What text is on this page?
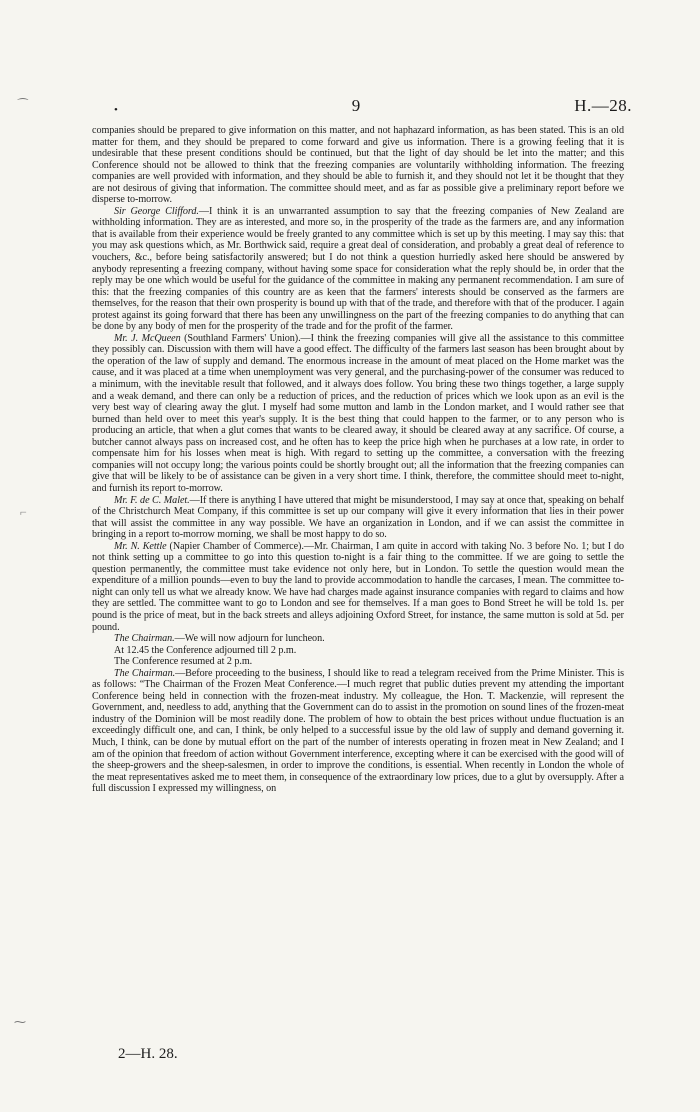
⁀
⌐
⁓
•	9	H.—28.

companies should be prepared to give information on this matter, and not haphazard information, as has been stated. This is an old matter for them, and they should be prepared to come forward and give us information. There is a growing feeling that it is undesirable that these present conditions should be continued, but that the light of day should be let into the matter; and this Conference should not be allowed to think that the freezing companies are voluntarily withholding information. The freezing companies are well provided with information, and they should be able to furnish it, and they should not let it be thought that they are not desirous of giving that information. The committee should meet, and as far as possible give a preliminary report before we disperse to-morrow.

Sir George Clifford.—I think it is an unwarranted assumption to say that the freezing companies of New Zealand are withholding information. They are as interested, and more so, in the prosperity of the trade as the farmers are, and any information that is available from their experience would be freely granted to any committee which is set up by this meeting. I may say this: that you may ask questions which, as Mr. Borthwick said, require a great deal of consideration, and probably a great deal of reference to vouchers, &c., before being satisfactorily answered; but I do not think a question hurriedly asked here should be answered by anybody representing a freezing company, without having some space for consideration what the reply should be, in order that the reply may be one which would be useful for the guidance of the committee in making any permanent recommendation. I am sure of this: that the freezing companies of this country are as keen that the farmers' interests should be conserved as the farmers are themselves, for the reason that their own prosperity is bound up with that of the trade, and therefore with that of the producer. I again protest against its going forward that there has been any unwillingness on the part of the freezing companies to do anything that can be done by any body of men for the prosperity of the trade and for the profit of the farmer.

Mr. J. McQueen (Southland Farmers' Union).—I think the freezing companies will give all the assistance to this committee they possibly can. Discussion with them will have a good effect. The difficulty of the farmers last season has been brought about by the operation of the law of supply and demand. The enormous increase in the amount of meat placed on the Home market was the cause, and it was placed at a time when unemployment was very general, and the purchasing-power of the consumer was reduced to a minimum, with the inevitable result that followed, and it always does follow. You bring these two things together, a large supply and a weak demand, and there can only be a reduction of prices, and the reduction of prices which we look upon as an evil is the very best way of clearing away the glut. I myself had some mutton and lamb in the London market, and I would rather see that burned than held over to meet this year's supply. It is the best thing that could happen to the farmer, or to any person who is producing an article, that when a glut comes that wants to be cleared away, it should be cleared away at any sacrifice. Of course, a butcher cannot always pass on increased cost, and he often has to keep the price high when he purchases at a low rate, in order to compensate him for his losses when meat is high. With regard to setting up the committee, a conversation with the freezing companies will not occupy long; the various points could be shortly brought out; all the information that the freezing companies can give that will be likely to be of assistance can be given in a very short time. I think, therefore, the committee should meet to-night, and furnish its report to-morrow.

Mr. F. de C. Malet.—If there is anything I have uttered that might be misunderstood, I may say at once that, speaking on behalf of the Christchurch Meat Company, if this committee is set up our company will give it every information that lies in their power that will assist the committee in any way possible. We have an organization in London, and if we can assist the committee in bringing in a report to-morrow morning, we shall be most happy to do so.

Mr. N. Kettle (Napier Chamber of Commerce).—Mr. Chairman, I am quite in accord with taking No. 3 before No. 1; but I do not think setting up a committee to go into this question to-night is a fair thing to the committee. If we are going to settle the question permanently, the committee must take evidence not only here, but in London. To settle the question would mean the expenditure of a million pounds—even to buy the land to provide accommodation to handle the carcases, I mean. The committee to-night can only tell us what we already know. We have had charges made against insurance companies with regard to claims and how they are settled. The committee want to go to London and see for themselves. If a man goes to Bond Street he will be told 1s. per pound is the price of meat, but in the back streets and alleys adjoining Oxford Street, for instance, the same mutton is sold at 5d. per pound.

The Chairman.—We will now adjourn for luncheon.

At 12.45 the Conference adjourned till 2 p.m.

The Conference resumed at 2 p.m.

The Chairman.—Before proceeding to the business, I should like to read a telegram received from the Prime Minister. This is as follows: “The Chairman of the Frozen Meat Conference.—I much regret that public duties prevent my attending the important Conference being held in connection with the frozen-meat industry. My colleague, the Hon. T. Mackenzie, will represent the Government, and, needless to add, anything that the Government can do to assist in the promotion on sound lines of the frozen-meat industry of the Dominion will be most readily done. The problem of how to obtain the best prices without undue fluctuation is an exceedingly difficult one, and can, I think, be only helped to a successful issue by the old law of supply and demand governing it. Much, I think, can be done by mutual effort on the part of the number of interests operating in frozen meat in New Zealand; and I am of the opinion that freedom of action without Government interference, excepting where it can be exercised with the good will of the sheep-growers and the sheep-salesmen, in order to improve the conditions, is essential. When recently in London the whole of the meat representatives asked me to meet them, in consequence of the extraordinary low prices, due to a glut by oversupply. After a full discussion I expressed my willingness, on

2—H. 28.
